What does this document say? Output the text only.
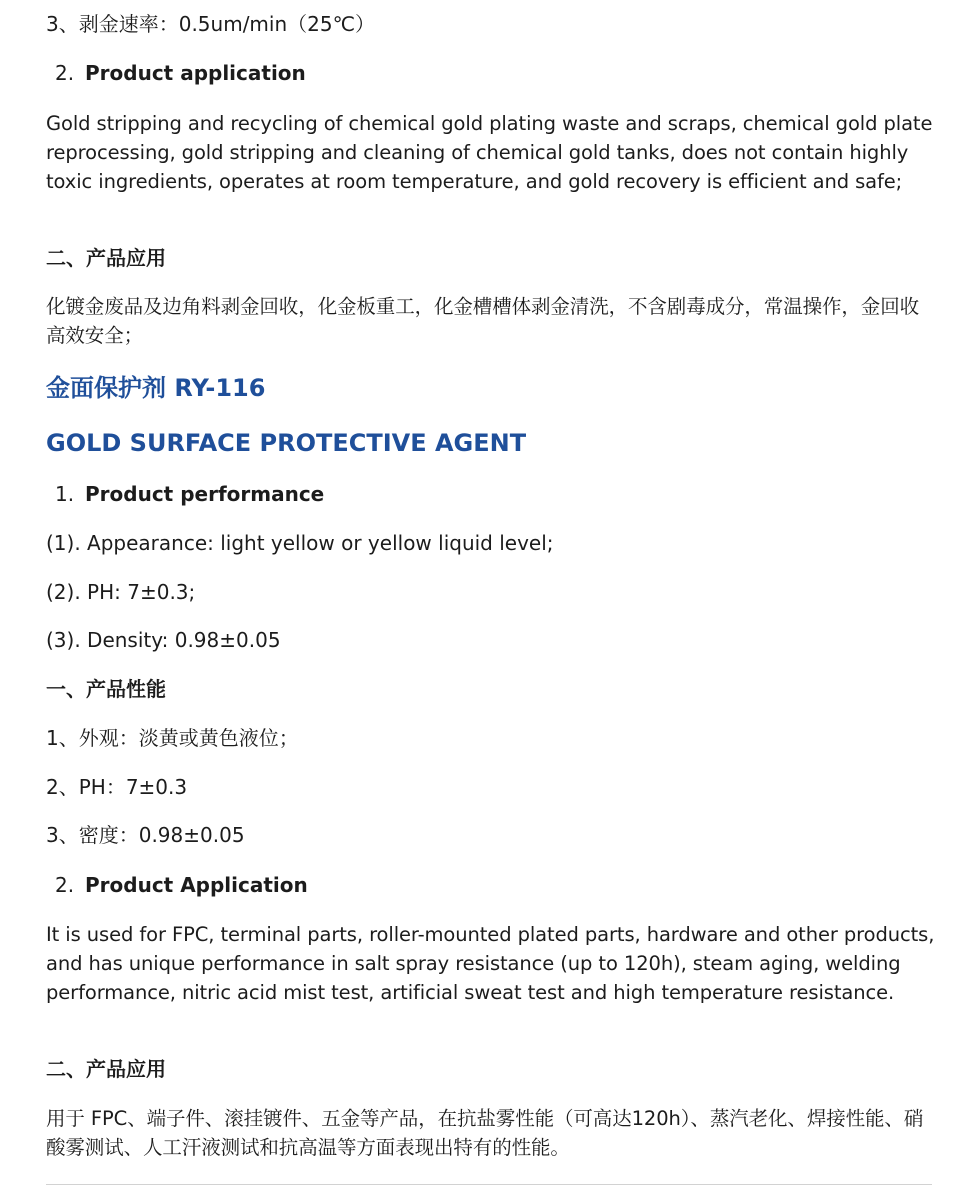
3、剥金速率：0.5um/min（25℃）
2. Product application
Gold stripping and recycling of chemical gold plating waste and scraps, chemical gold plate reprocessing, gold stripping and cleaning of chemical gold tanks, does not contain highly toxic ingredients, operates at room temperature, and gold recovery is efficient and safe;
二、产品应用
化镀金废品及边角料剥金回收，化金板重工，化金槽槽体剥金清洗，不含剧毒成分，常温操作，金回收高效安全；
金面保护剂 RY-116
GOLD SURFACE PROTECTIVE AGENT
1. Product performance
(1). Appearance: light yellow or yellow liquid level;
(2). PH: 7±0.3;
(3). Density: 0.98±0.05
一、产品性能
1、外观：淡黄或黄色液位；
2、PH：7±0.3
3、密度：0.98±0.05
2. Product Application
It is used for FPC, terminal parts, roller-mounted plated parts, hardware and other products, and has unique performance in salt spray resistance (up to 120h), steam aging, welding performance, nitric acid mist test, artificial sweat test and high temperature resistance.
二、产品应用
用于 FPC、端子件、滚挂镀件、五金等产品，在抗盐雾性能（可高达120h）、蒸汽老化、焊接性能、硝酸雾测试、人工汗液测试和抗高温等方面表现出特有的性能。
